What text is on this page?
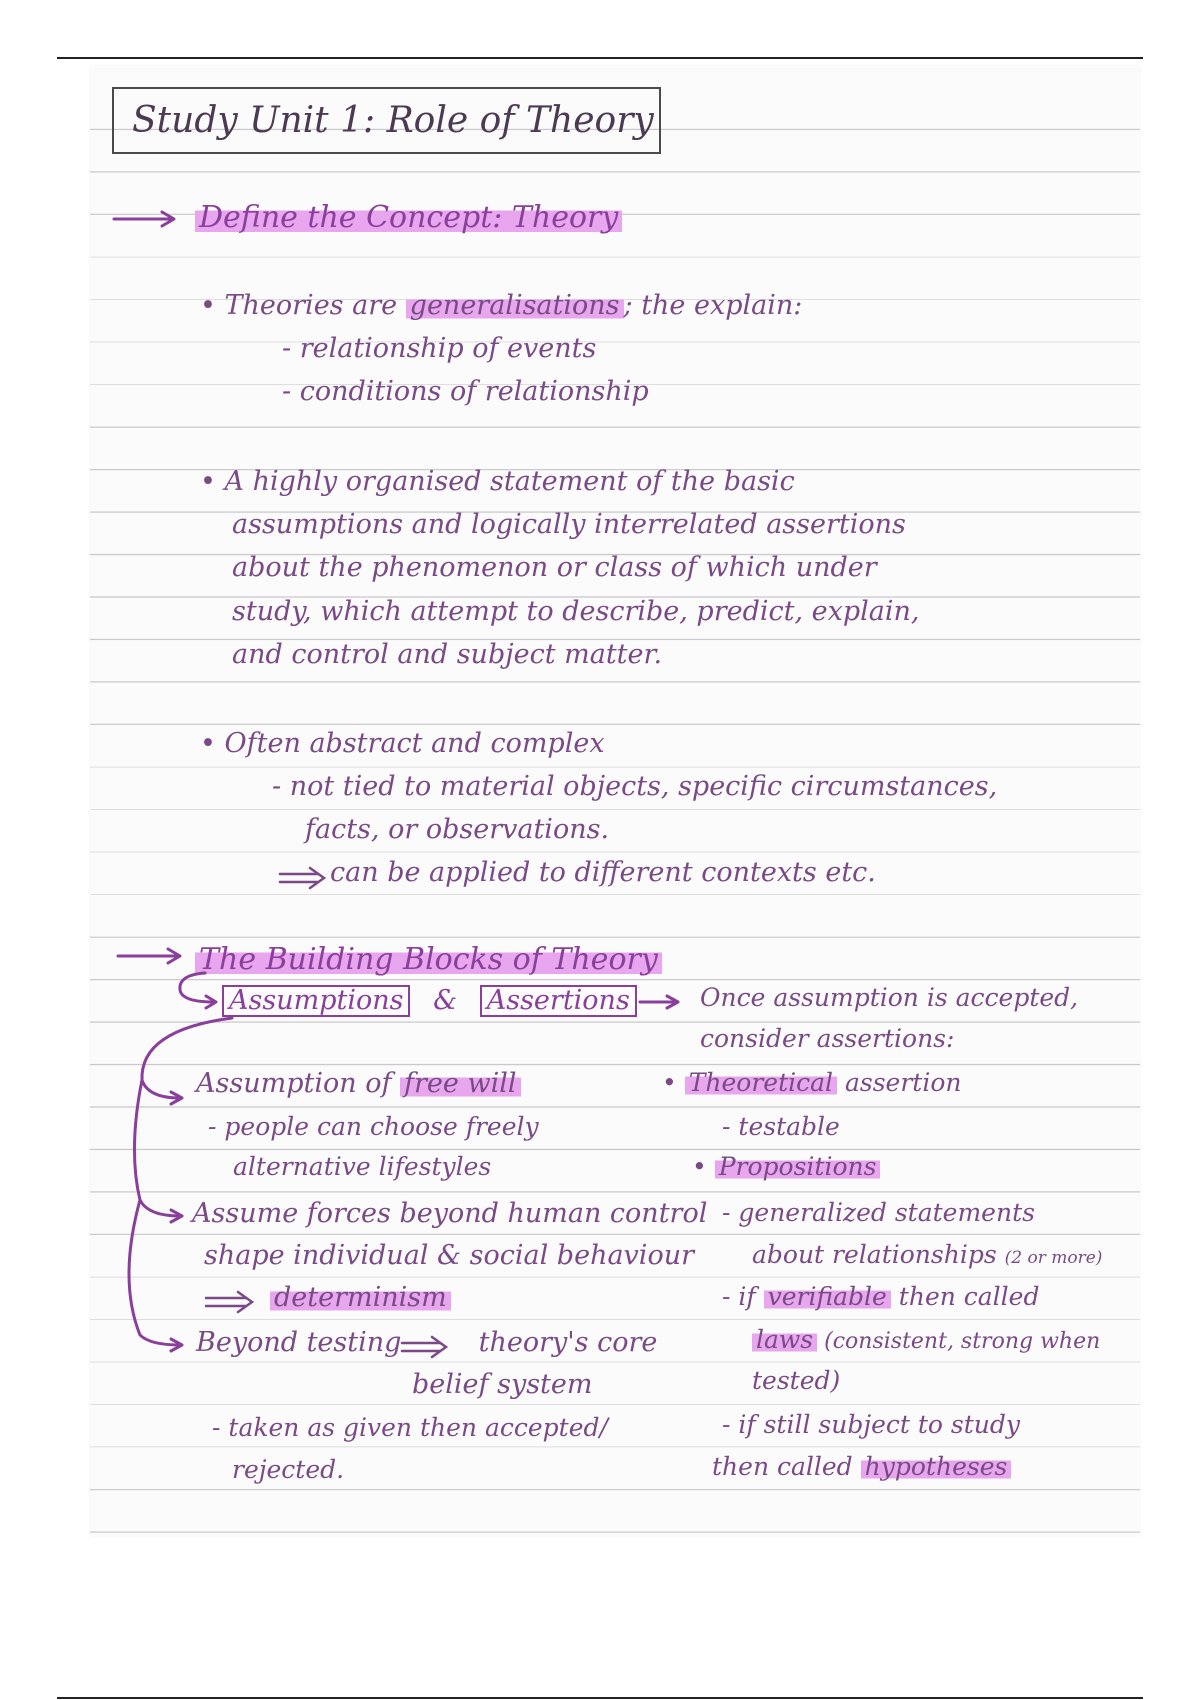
Study Unit 1: Role of Theory
Define the Concept: Theory
• Theories are generalisations ; the explain:
- relationship of events
- conditions of relationship
• A highly organised statement of the basic
assumptions and logically interrelated assertions
about the phenomenon or class of which under
study, which attempt to describe, predict, explain,
and control and subject matter.
• Often abstract and complex
- not tied to material objects, specific circumstances,
facts, or observations.
can be applied to different contexts etc.
The Building Blocks of Theory
Assumptions & Assertions	Once assumption is accepted,
consider assertions:
Assumption of free will
- people can choose freely
alternative lifestyles
Assume forces beyond human control
shape individual & social behaviour
determinism
Beyond testing	theory's core
belief system
- taken as given then accepted/
rejected.
• Theoretical assertion
- testable
• Propositions
- generalized statements
about relationships (2 or more)
- if verifiable then called
laws (consistent, strong when
tested)
- if still subject to study
then called hypotheses
